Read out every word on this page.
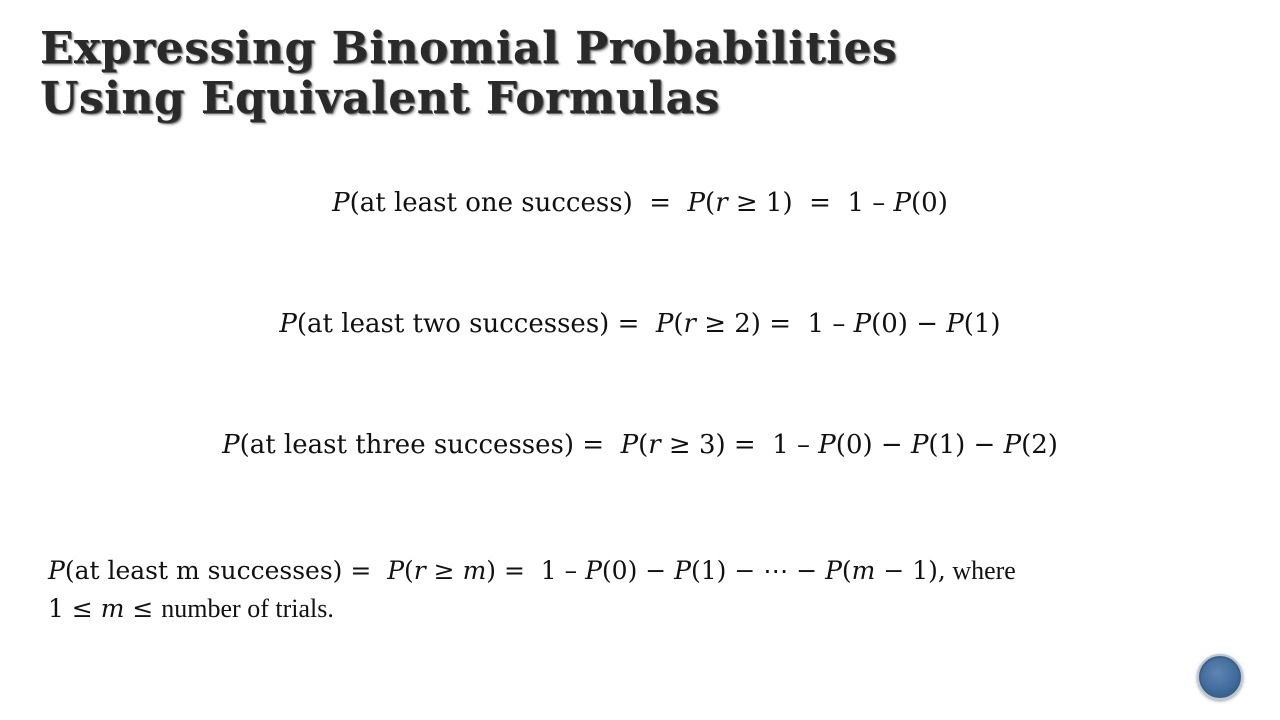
Expressing Binomial Probabilities
Using Equivalent Formulas
𝑃(at least one success)  =  𝑃(𝑟 ≥ 1)  =  1 – 𝑃(0)
𝑃(at least two successes) =  𝑃(𝑟 ≥ 2) =  1 – 𝑃(0) − 𝑃(1)
𝑃(at least three successes) =  𝑃(𝑟 ≥ 3) =  1 – 𝑃(0) − 𝑃(1) − 𝑃(2)
𝑃(at least m successes) =  𝑃(𝑟 ≥ 𝑚) =  1 – 𝑃(0) − 𝑃(1) − ⋯ − 𝑃(𝑚 − 1), where
1 ≤ 𝑚 ≤ number of trials.
